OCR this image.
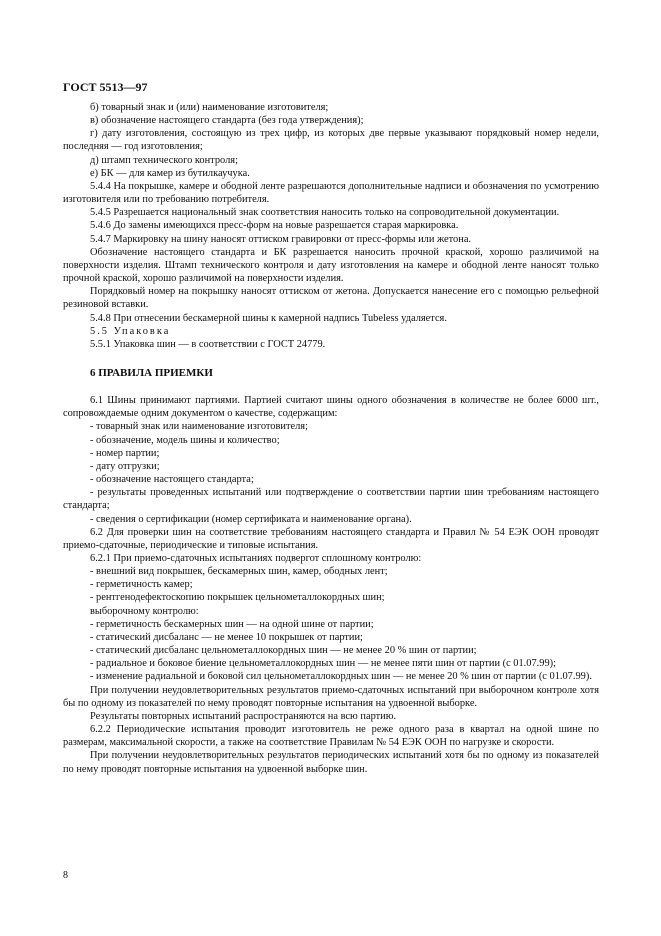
ГОСТ 5513—97

б) товарный знак и (или) наименование изготовителя;

в) обозначение настоящего стандарта (без года утверждения);

г) дату изготовления, состоящую из трех цифр, из которых две первые указывают порядковый номер недели, последняя — год изготовления;

д) штамп технического контроля;

е) БК — для камер из бутилкаучука.

5.4.4 На покрышке, камере и ободной ленте разрешаются дополнительные надписи и обозначения по усмотрению изготовителя или по требованию потребителя.

5.4.5 Разрешается национальный знак соответствия наносить только на сопроводительной документации.

5.4.6 До замены имеющихся пресс-форм на новые разрешается старая маркировка.

5.4.7 Маркировку на шину наносят оттиском гравировки от пресс-формы или жетона.

Обозначение настоящего стандарта и БК разрешается наносить прочной краской, хорошо различимой на поверхности изделия. Штамп технического контроля и дату изготовления на камере и ободной ленте наносят только прочной краской, хорошо различимой на поверхности изделия.

Порядковый номер на покрышку наносят оттиском от жетона. Допускается нанесение его с помощью рельефной резиновой вставки.

5.4.8 При отнесении бескамерной шины к камерной надпись Tubeless удаляется.

5.5 Упаковка

5.5.1 Упаковка шин — в соответствии с ГОСТ 24779.

6 ПРАВИЛА ПРИЕМКИ

6.1 Шины принимают партиями. Партией считают шины одного обозначения в количестве не более 6000 шт., сопровождаемые одним документом о качестве, содержащим:

- товарный знак или наименование изготовителя;

- обозначение, модель шины и количество;

- номер партии;

- дату отгрузки;

- обозначение настоящего стандарта;

- результаты проведенных испытаний или подтверждение о соответствии партии шин требованиям настоящего стандарта;

- сведения о сертификации (номер сертификата и наименование органа).

6.2 Для проверки шин на соответствие требованиям настоящего стандарта и Правил № 54 ЕЭК ООН проводят приемо-сдаточные, периодические и типовые испытания.

6.2.1 При приемо-сдаточных испытаниях подвергот сплошному контролю:

- внешний вид покрышек, бескамерных шин, камер, ободных лент;

- герметичность камер;

- рентгенодефектоскопию покрышек цельнометаллокордных шин;

выборочному контролю:

- герметичность бескамерных шин — на одной шине от партии;

- статический дисбаланс — не менее 10 покрышек от партии;

- статический дисбаланс цельнометаллокордных шин — не менее 20 % шин от партии;

- радиальное и боковое биение цельнометаллокордных шин — не менее пяти шин от партии (с 01.07.99);

- изменение радиальной и боковой сил цельнометаллокордных шин — не менее 20 % шин от партии (с 01.07.99).

При получении неудовлетворительных результатов приемо-сдаточных испытаний при выборочном контроле хотя бы по одному из показателей по нему проводят повторные испытания на удвоенной выборке.

Результаты повторных испытаний распространяются на всю партию.

6.2.2 Периодические испытания проводит изготовитель не реже одного раза в квартал на одной шине по размерам, максимальной скорости, а также на соответствие Правилам № 54 ЕЭК ООН по нагрузке и скорости.

При получении неудовлетворительных результатов периодических испытаний хотя бы по одному из показателей по нему проводят повторные испытания на удвоенной выборке шин.

8
